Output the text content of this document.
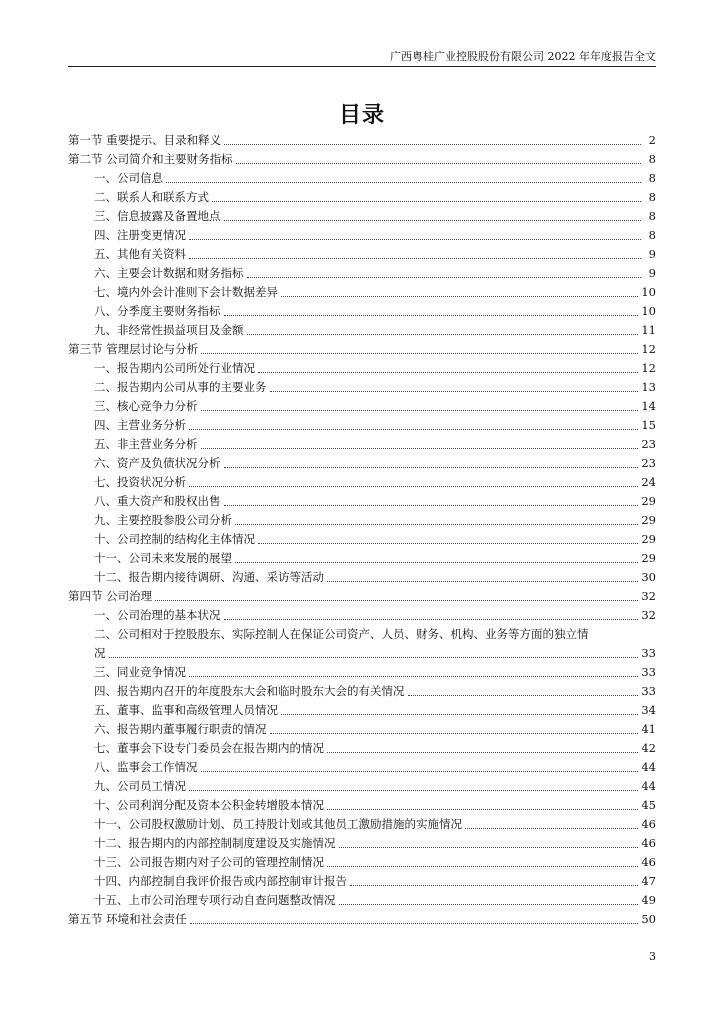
广西粤桂广业控股股份有限公司 2022 年年度报告全文
目录
第一节 重要提示、目录和释义	2
第二节 公司简介和主要财务指标	8
一、公司信息	8
二、联系人和联系方式	8
三、信息披露及备置地点	8
四、注册变更情况	8
五、其他有关资料	9
六、主要会计数据和财务指标	9
七、境内外会计准则下会计数据差异	10
八、分季度主要财务指标	10
九、非经常性损益项目及金额	11
第三节 管理层讨论与分析	12
一、报告期内公司所处行业情况	12
二、报告期内公司从事的主要业务	13
三、核心竞争力分析	14
四、主营业务分析	15
五、非主营业务分析	23
六、资产及负债状况分析	23
七、投资状况分析	24
八、重大资产和股权出售	29
九、主要控股参股公司分析	29
十、公司控制的结构化主体情况	29
十一、公司未来发展的展望	29
十二、报告期内接待调研、沟通、采访等活动	30
第四节 公司治理	32
一、公司治理的基本状况	32
二、公司相对于控股股东、实际控制人在保证公司资产、人员、财务、机构、业务等方面的独立情
况	33
三、同业竞争情况	33
四、报告期内召开的年度股东大会和临时股东大会的有关情况	33
五、董事、监事和高级管理人员情况	34
六、报告期内董事履行职责的情况	41
七、董事会下设专门委员会在报告期内的情况	42
八、监事会工作情况	44
九、公司员工情况	44
十、公司利润分配及资本公积金转增股本情况	45
十一、公司股权激励计划、员工持股计划或其他员工激励措施的实施情况	46
十二、报告期内的内部控制制度建设及实施情况	46
十三、公司报告期内对子公司的管理控制情况	46
十四、内部控制自我评价报告或内部控制审计报告	47
十五、上市公司治理专项行动自查问题整改情况	49
第五节 环境和社会责任	50
3
